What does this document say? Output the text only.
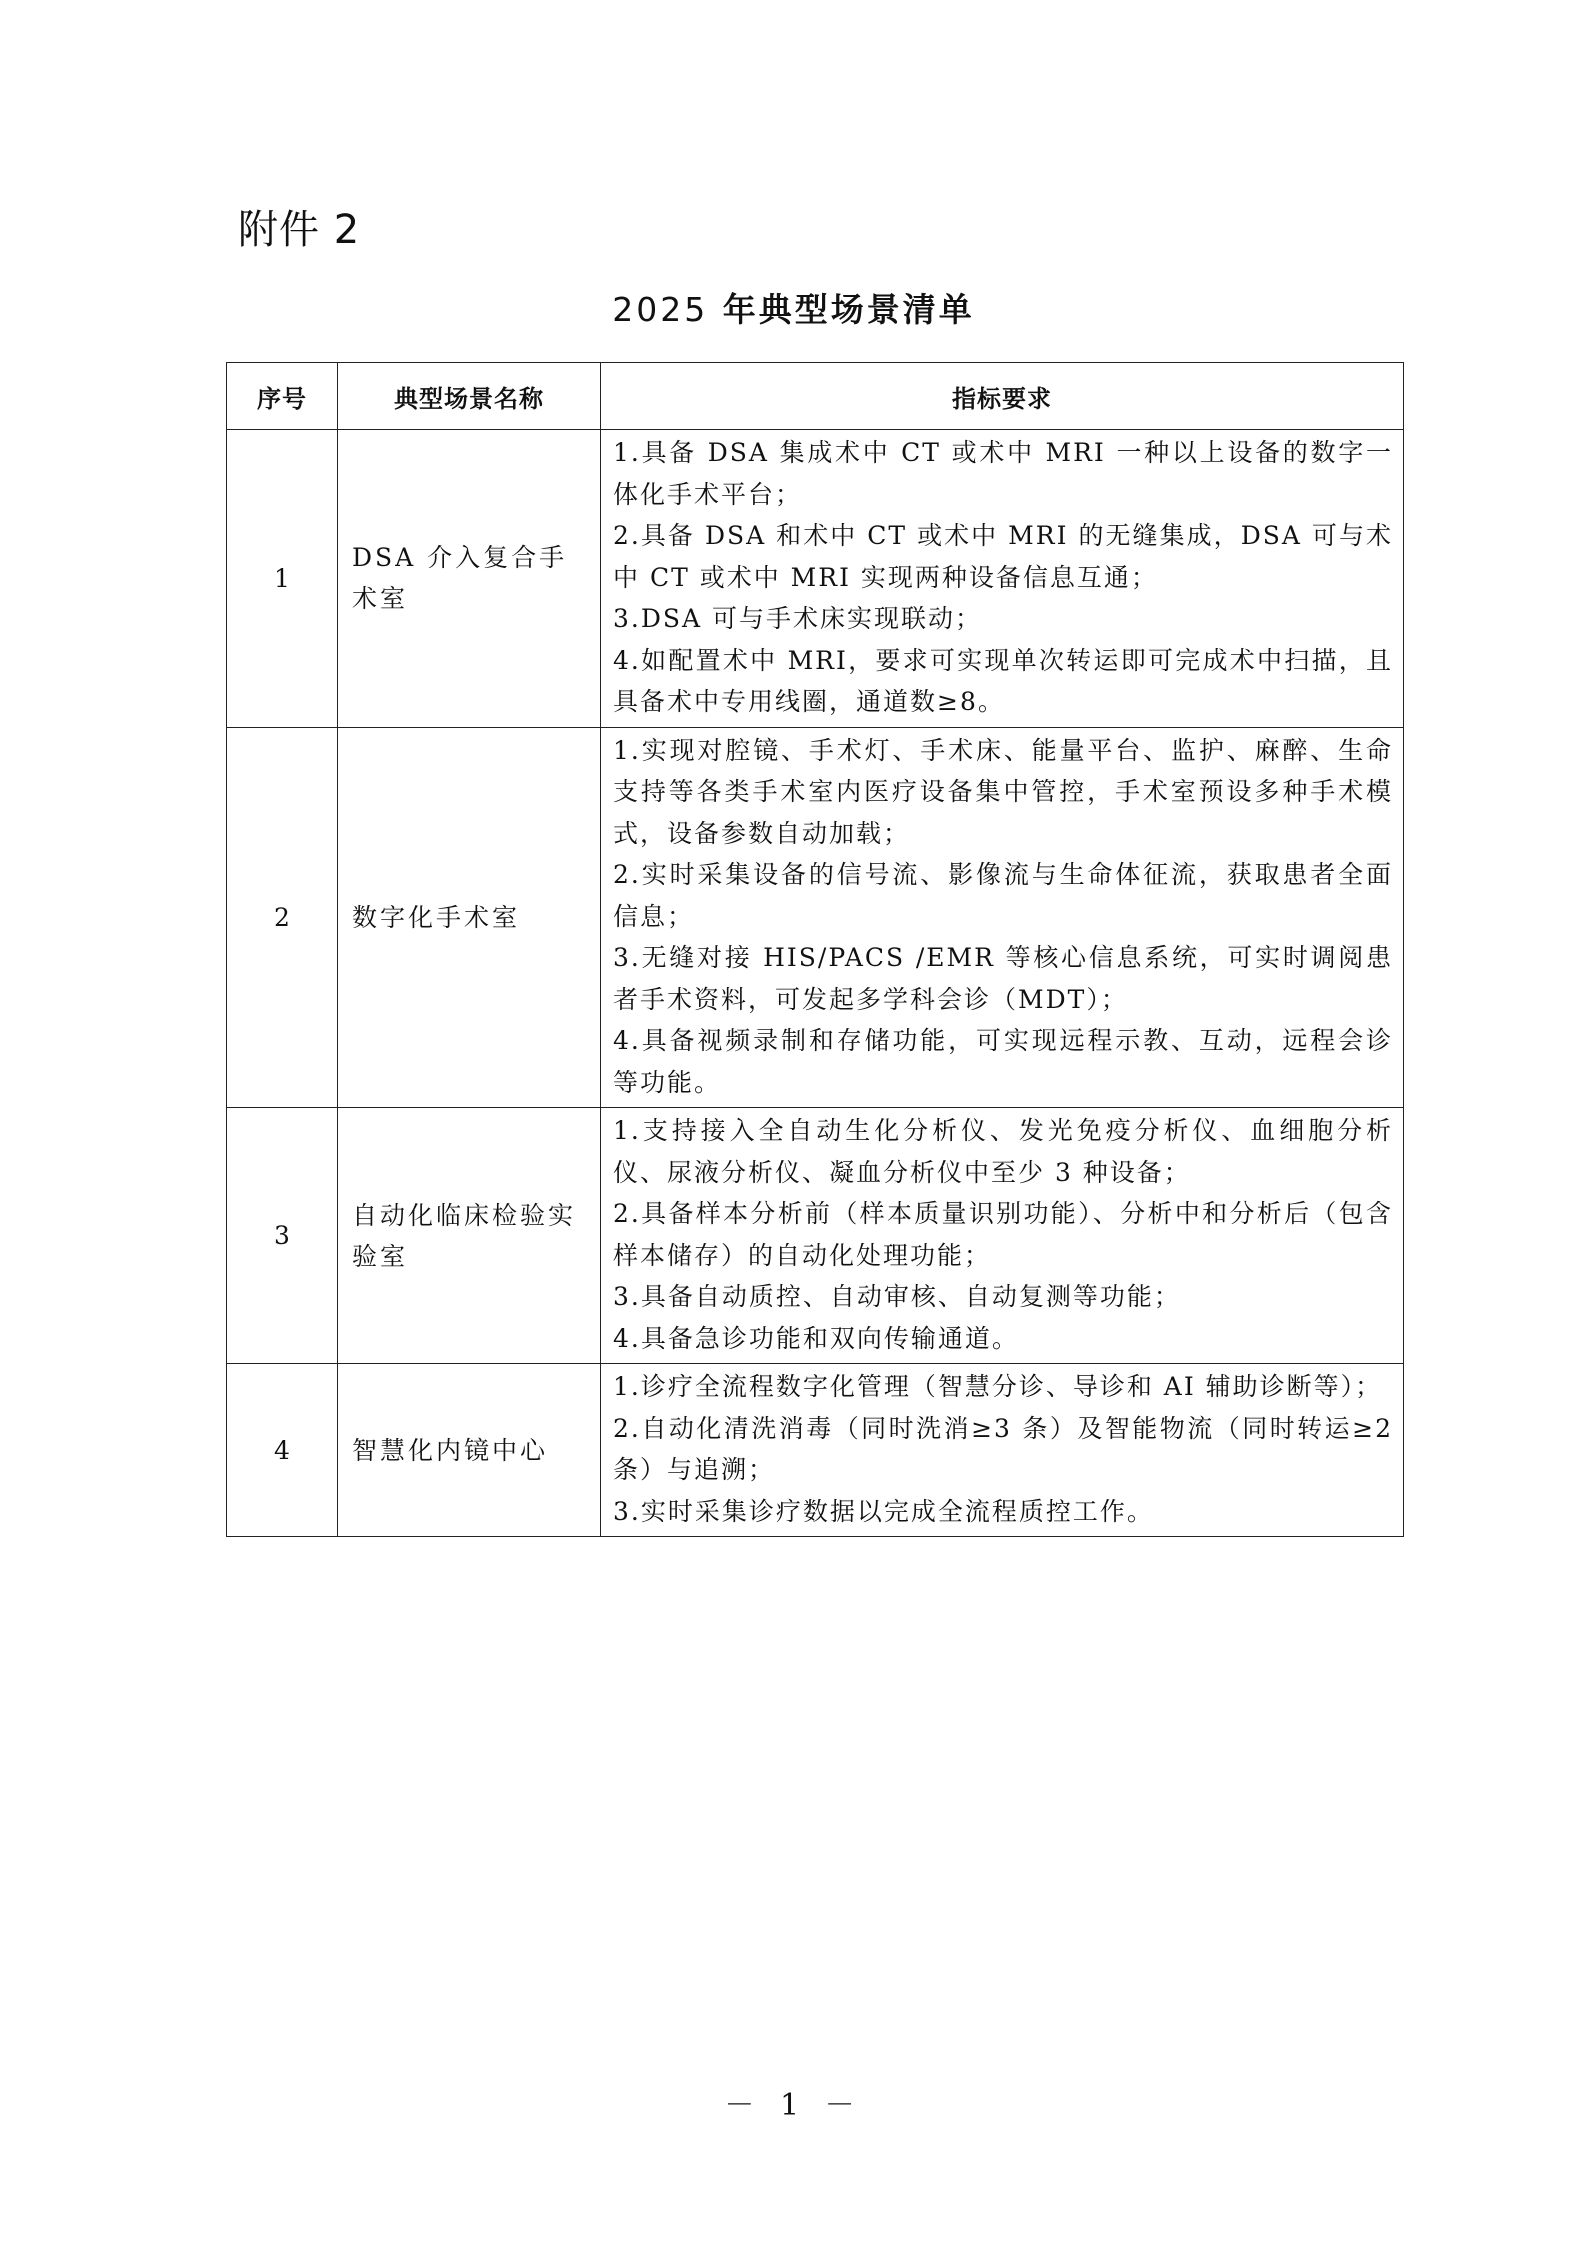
附件 2
2025 年典型场景清单
序号	典型场景名称	指标要求
1	DSA 介入复合手术室	1.具备 DSA 集成术中 CT 或术中 MRI 一种以上设备的数字一体化手术平台；
2.具备 DSA 和术中 CT 或术中 MRI 的无缝集成，DSA 可与术中 CT 或术中 MRI 实现两种设备信息互通；
3.DSA 可与手术床实现联动；
4.如配置术中 MRI，要求可实现单次转运即可完成术中扫描，且具备术中专用线圈，通道数≥8。

2	数字化手术室	1.实现对腔镜、手术灯、手术床、能量平台、监护、麻醉、生命支持等各类手术室内医疗设备集中管控，手术室预设多种手术模式，设备参数自动加载；
2.实时采集设备的信号流、影像流与生命体征流，获取患者全面信息；
3.无缝对接 HIS/PACS /EMR 等核心信息系统，可实时调阅患者手术资料，可发起多学科会诊（MDT）；
4.具备视频录制和存储功能，可实现远程示教、互动，远程会诊等功能。

3	自动化临床检验实验室	1.支持接入全自动生化分析仪、发光免疫分析仪、血细胞分析仪、尿液分析仪、凝血分析仪中至少 3 种设备；
2.具备样本分析前（样本质量识别功能）、分析中和分析后（包含样本储存）的自动化处理功能；
3.具备自动质控、自动审核、自动复测等功能；
4.具备急诊功能和双向传输通道。

4	智慧化内镜中心	1.诊疗全流程数字化管理（智慧分诊、导诊和 AI 辅助诊断等）；
2.自动化清洗消毒（同时洗消≥3 条）及智能物流（同时转运≥2 条）与追溯；
3.实时采集诊疗数据以完成全流程质控工作。
－ 1 －
